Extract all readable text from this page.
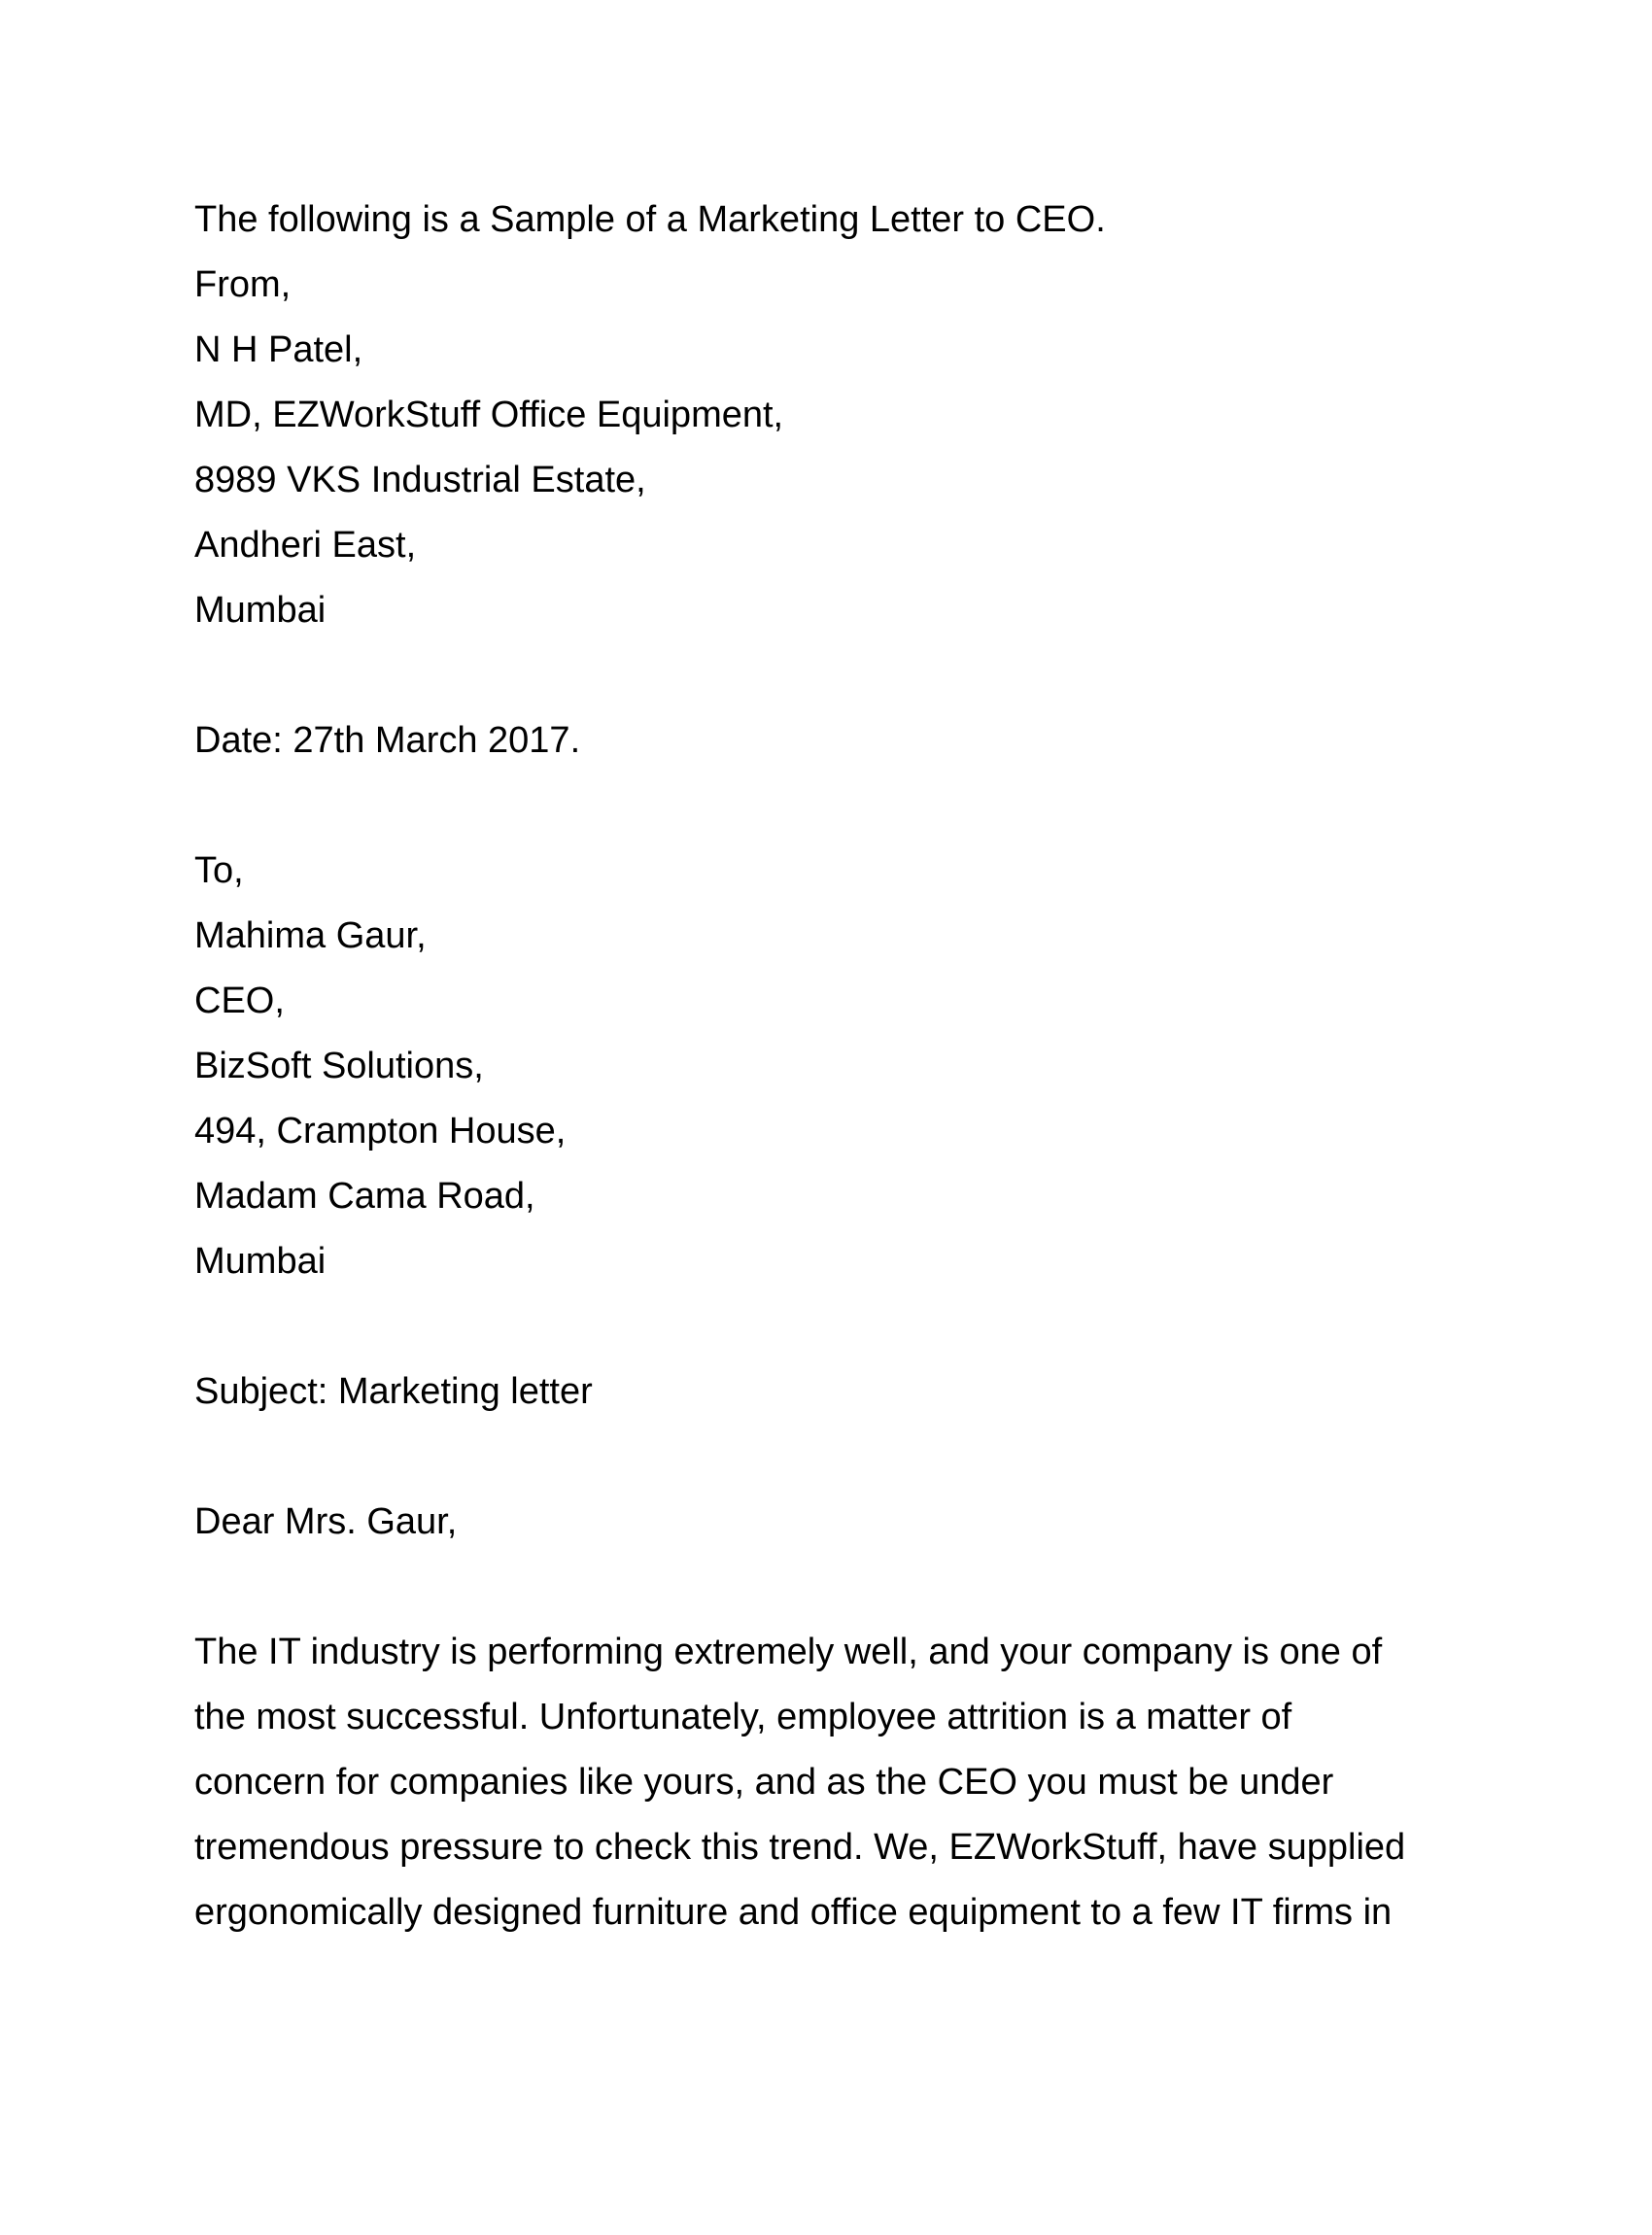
The following is a Sample of a Marketing Letter to CEO.
From,
N H Patel,
MD, EZWorkStuff Office Equipment,
8989 VKS Industrial Estate,
Andheri East,
Mumbai
Date: 27th March 2017.
To,
Mahima Gaur,
CEO,
BizSoft Solutions,
494, Crampton House,
Madam Cama Road,
Mumbai
Subject: Marketing letter
Dear Mrs. Gaur,
The IT industry is performing extremely well, and your company is one of
the most successful. Unfortunately, employee attrition is a matter of
concern for companies like yours, and as the CEO you must be under
tremendous pressure to check this trend. We, EZWorkStuff, have supplied
ergonomically designed furniture and office equipment to a few IT firms in
